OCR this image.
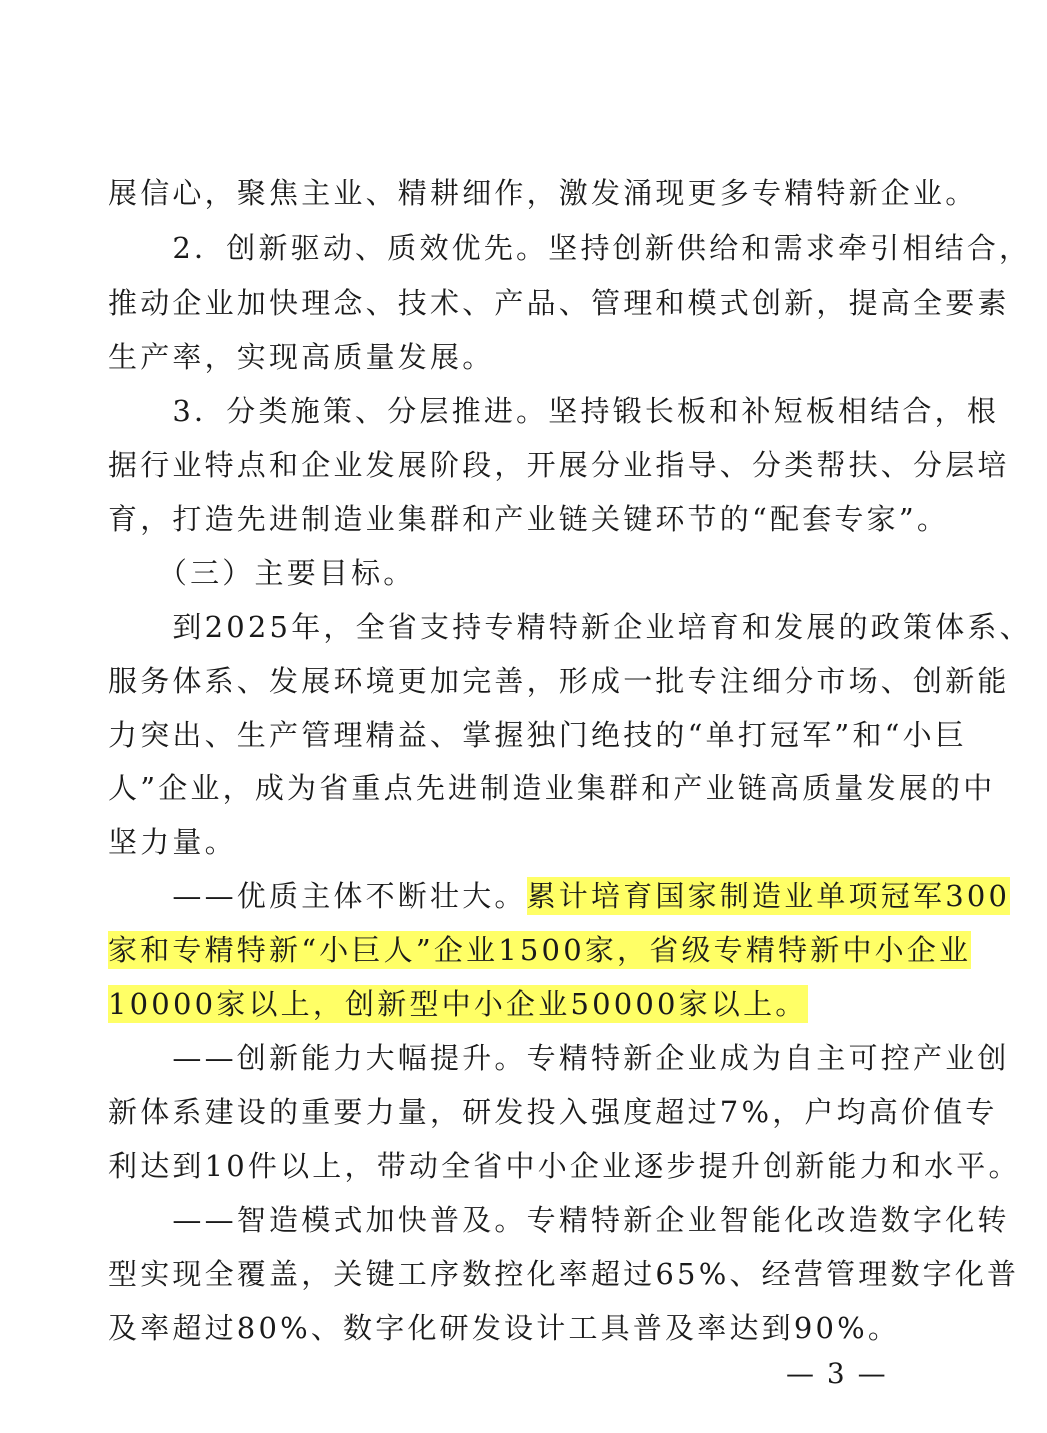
展信心，聚焦主业、精耕细作，激发涌现更多专精特新企业。
　　2．创新驱动、质效优先。坚持创新供给和需求牵引相结合，
推动企业加快理念、技术、产品、管理和模式创新，提高全要素
生产率，实现高质量发展。
　　3．分类施策、分层推进。坚持锻长板和补短板相结合，根
据行业特点和企业发展阶段，开展分业指导、分类帮扶、分层培
育，打造先进制造业集群和产业链关键环节的“配套专家”。
　　（三）主要目标。
　　到2025年，全省支持专精特新企业培育和发展的政策体系、
服务体系、发展环境更加完善，形成一批专注细分市场、创新能
力突出、生产管理精益、掌握独门绝技的“单打冠军”和“小巨
人”企业，成为省重点先进制造业集群和产业链高质量发展的中
坚力量。
　　——优质主体不断壮大。累计培育国家制造业单项冠军300
家和专精特新“小巨人”企业1500家，省级专精特新中小企业
10000家以上，创新型中小企业50000家以上。
　　——创新能力大幅提升。专精特新企业成为自主可控产业创
新体系建设的重要力量，研发投入强度超过7%，户均高价值专
利达到10件以上，带动全省中小企业逐步提升创新能力和水平。
　　——智造模式加快普及。专精特新企业智能化改造数字化转
型实现全覆盖，关键工序数控化率超过65%、经营管理数字化普
及率超过80%、数字化研发设计工具普及率达到90%。
— 3 —
